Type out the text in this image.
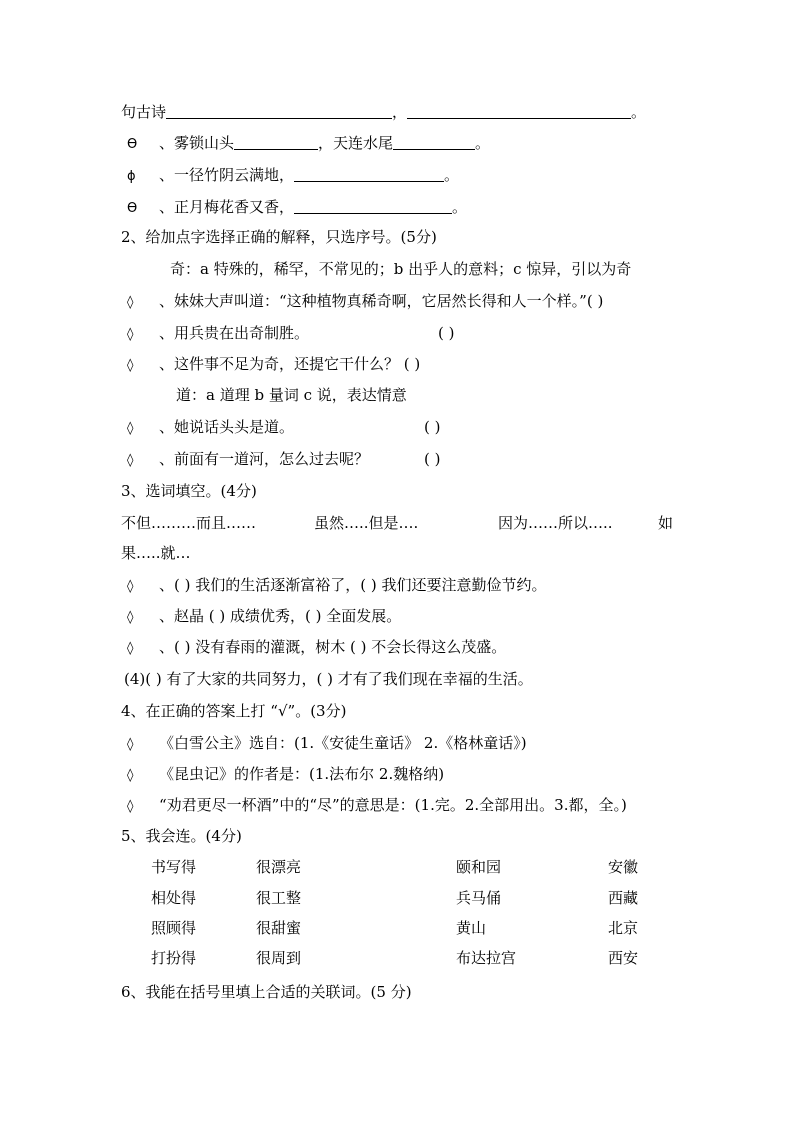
句古诗	，	。
ϴ 、雾锁山头	，天连水尾	。
ϕ 、一径竹阴云满地，	。
ϴ 、正月梅花香又香，	。
2、给加点字选择正确的解释，只选序号。(5分)
奇：a 特殊的，稀罕，不常见的；b 出乎人的意料；c 惊异，引以为奇
◊ 、妹妹大声叫道：“这种植物真稀奇啊，它居然长得和人一个样。”( )
◊ 、用兵贵在出奇制胜。	( )
◊ 、这件事不足为奇，还提它干什么？ ( )
道：a 道理 b 量词 c 说，表达情意
◊ 、她说话头头是道。	( )
◊ 、前面有一道河，怎么过去呢？	( )
3、选词填空。(4分)
不但………而且……	虽然…..但是….	因为……所以…..	如
果…..就…
◊ 、( ) 我们的生活逐渐富裕了，( ) 我们还要注意勤俭节约。
◊ 、赵晶 ( ) 成绩优秀，( ) 全面发展。
◊ 、( ) 没有春雨的灌溉，树木 ( ) 不会长得这么茂盛。
(4)( ) 有了大家的共同努力，( ) 才有了我们现在幸福的生活。
4、在正确的答案上打 “√”。(3分)
◊ 《白雪公主》选自：(1.《安徒生童话》 2.《格林童话》)
◊ 《昆虫记》的作者是：(1.法布尔 2.魏格纳)
◊ “劝君更尽一杯酒”中的“尽”的意思是：(1.完。2.全部用出。3.都，全。)
5、我会连。(4分)
书写得	很漂亮	颐和园	安徽
相处得	很工整	兵马俑	西藏
照顾得	很甜蜜	黄山	北京
打扮得	很周到	布达拉宫	西安
6、我能在括号里填上合适的关联词。(5 分)
